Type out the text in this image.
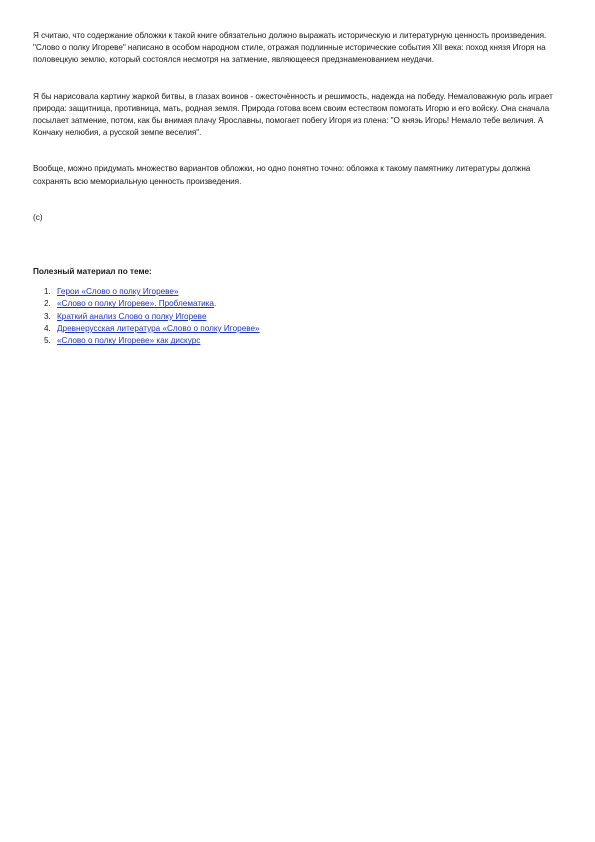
Я считаю, что содержание обложки к такой книге обязательно должно выражать историческую и литературную ценность произведения. "Слово о полку Игореве" написано в особом народном стиле, отражая подлинные исторические события XII века: поход князя Игоря на половецкую землю, который состоялся несмотря на затмение, являющееся предзнаменованием неудачи.

Я бы нарисовала картину жаркой битвы, в глазах воинов - ожесточённость и решимость, надежда на победу. Немаловажную роль играет природа: защитница, противница, мать, родная земля. Природа готова всем своим естеством помогать Игорю и его войску. Она сначала посылает затмение, потом, как бы внимая плачу Ярославны, помогает побегу Игоря из плена: "О княэь Игорь! Немало тебе величия. А Кончаку нелюбия, а русской земпе веселия".

Вообще, можно придумать множество вариантов обложки, но одно понятно точно: обложка к такому памятнику литературы должна сохранять всю мемориальную ценность произведения.

(c)

Полезный материал по теме:

1. Герои «Слово о полку Игореве»
2. «Слово о полку Игореве». Проблематика .
3. Краткий анализ Слово о полку Игореве
4. Древнерусская литература «Слово о полку Игореве»
5. «Слово о полку Игореве» как дискурс
